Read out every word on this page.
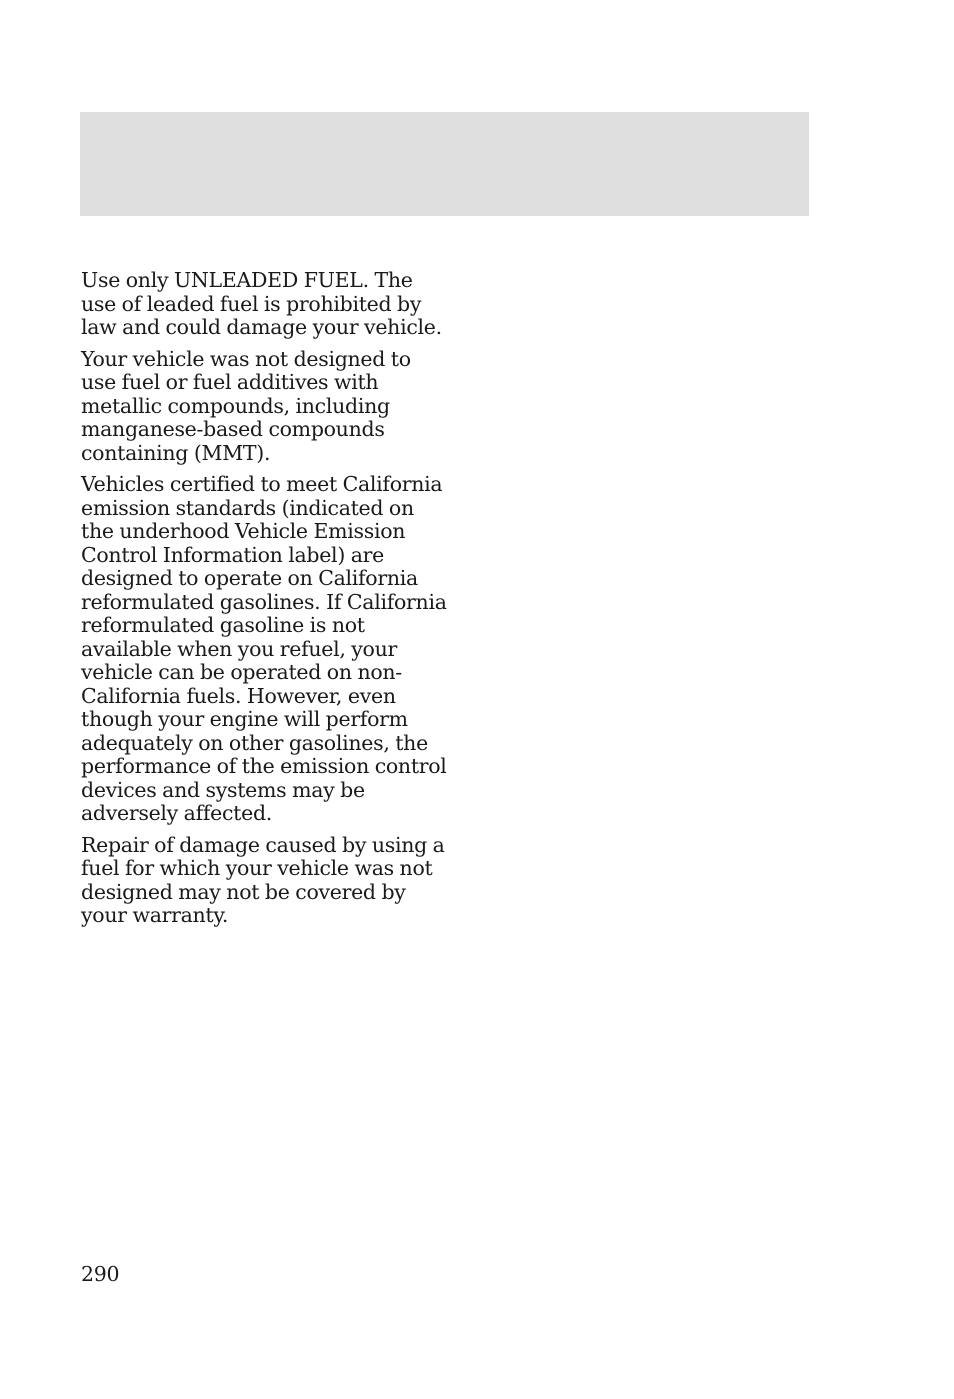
Use only UNLEADED FUEL. The use of leaded fuel is prohibited by law and could damage your vehicle.

Your vehicle was not designed to use fuel or fuel additives with metallic compounds, including manganese-based compounds containing (MMT).

Vehicles certified to meet California emission standards (indicated on the underhood Vehicle Emission Control Information label) are designed to operate on California reformulated gasolines. If California reformulated gasoline is not available when you refuel, your vehicle can be operated on non-California fuels. However, even though your engine will perform adequately on other gasolines, the performance of the emission control devices and systems may be adversely affected.

Repair of damage caused by using a fuel for which your vehicle was not designed may not be covered by your warranty.

290
